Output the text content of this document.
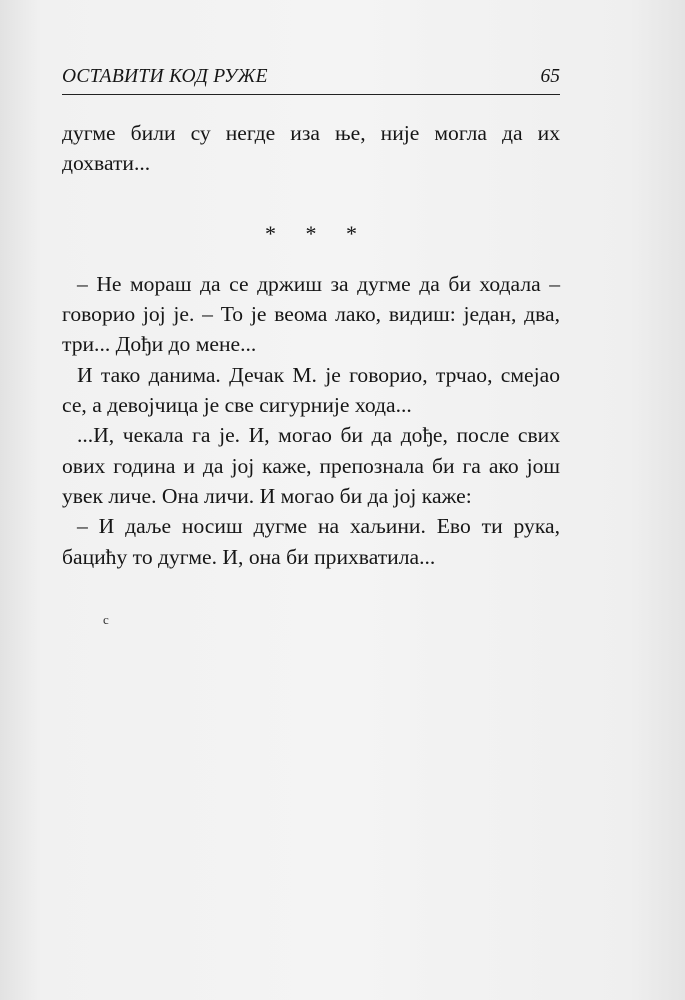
ОСТАВИТИ КОД РУЖЕ	65

дугме били су негде иза ње, није могла да их дохвати...

* * *

– Не мораш да се држиш за дугме да би ходала – говорио јој је. – То је веома лако, видиш: један, два, три... Дођи до мене...

И тако данима. Дечак М. је говорио, трчао, смејао се, а девојчица је све сигурније хода...

...И, чекала га је. И, могао би да дође, после свих ових година и да јој каже, препознала би га ако још увек личе. Она личи. И могао би да јој каже:

– И даље носиш дугме на хаљини. Ево ти рука, бацићу то дугме. И, она би прихватила...

c
